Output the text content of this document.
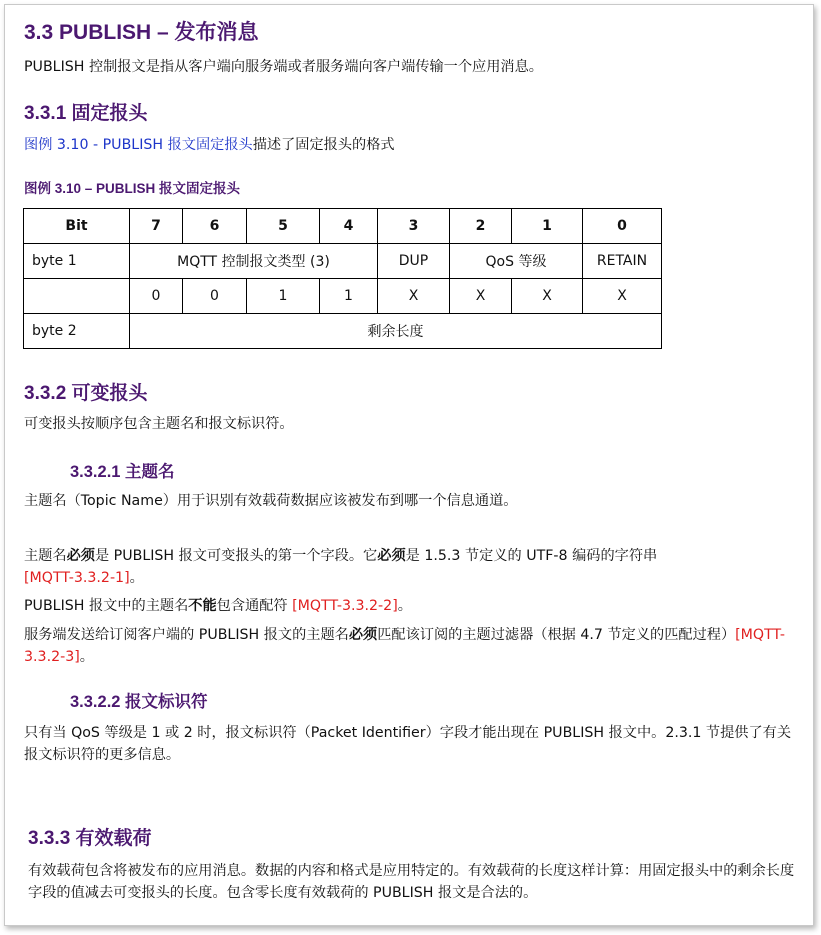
3.3 PUBLISH – 发布消息

PUBLISH 控制报文是指从客户端向服务端或者服务端向客户端传输一个应用消息。

3.3.1 固定报头

图例 3.10 - PUBLISH 报文固定报头描述了固定报头的格式

图例 3.10 – PUBLISH 报文固定报头
Bit	7	6	5	4	3	2	1	0
byte 1	MQTT 控制报文类型 (3)				DUP	QoS 等级		RETAIN
	0	0	1	1	X	X	X	X
byte 2	剩余长度							
3.3.2 可变报头

可变报头按顺序包含主题名和报文标识符。

3.3.2.1 主题名

主题名（Topic Name）用于识别有效载荷数据应该被发布到哪一个信息通道。

主题名必须是 PUBLISH 报文可变报头的第一个字段。它必须是 1.5.3 节定义的 UTF-8 编码的字符串
[MQTT-3.3.2-1]。

PUBLISH 报文中的主题名不能包含通配符 [MQTT-3.3.2-2]。

服务端发送给订阅客户端的 PUBLISH 报文的主题名必须匹配该订阅的主题过滤器（根据 4.7 节定义的匹配过程）[MQTT-3.3.2-3]。

3.3.2.2 报文标识符

只有当 QoS 等级是 1 或 2 时，报文标识符（Packet Identifier）字段才能出现在 PUBLISH 报文中。2.3.1 节提供了有关报文标识符的更多信息。

3.3.3 有效载荷

有效载荷包含将被发布的应用消息。数据的内容和格式是应用特定的。有效载荷的长度这样计算：用固定报头中的剩余长度字段的值减去可变报头的长度。包含零长度有效载荷的 PUBLISH 报文是合法的。
